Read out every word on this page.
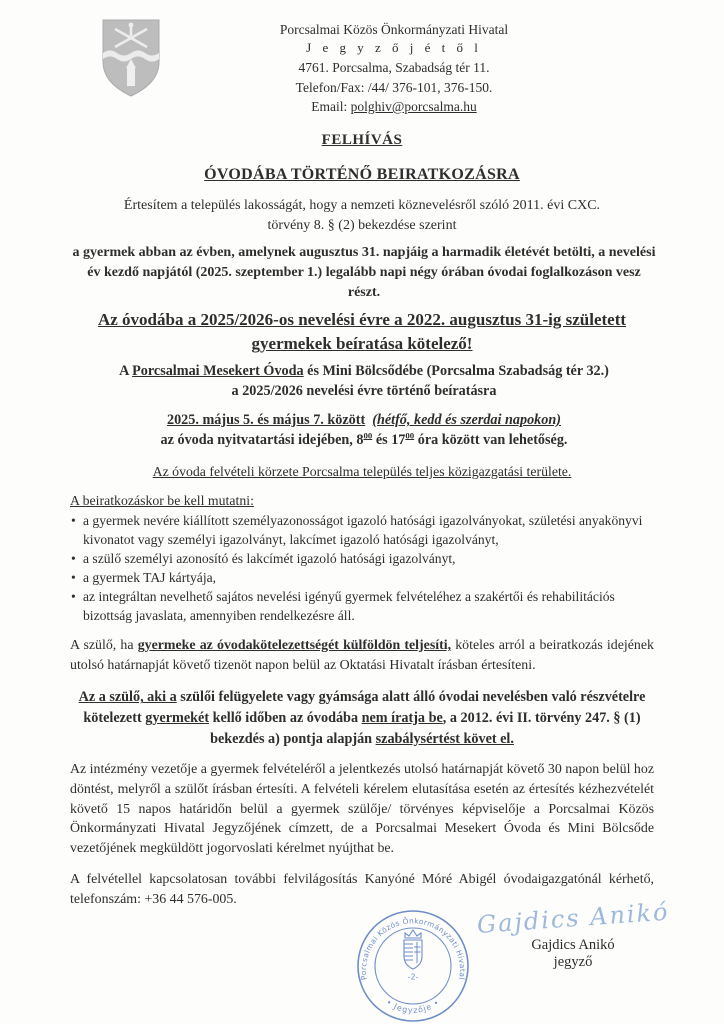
Porcsalmai Közös Önkormányzati Hivatal
J e g y z ő j é t ő l
4761. Porcsalma, Szabadság tér 11.
Telefon/Fax: /44/ 376-101, 376-150.
Email: polghiv@porcsalma.hu
FELHÍVÁS
ÓVODÁBA TÖRTÉNŐ BEIRATKOZÁSRA
Értesítem a település lakosságát, hogy a nemzeti köznevelésről szóló 2011. évi CXC. törvény 8. § (2) bekezdése szerint
a gyermek abban az évben, amelynek augusztus 31. napjáig a harmadik életévét betölti, a nevelési év kezdő napjától (2025. szeptember 1.) legalább napi négy órában óvodai foglalkozáson vesz részt.
Az óvodába a 2025/2026-os nevelési évre a 2022. augusztus 31-ig született gyermekek beíratása kötelező!
A Porcsalmai Mesekert Óvoda és Mini Bölcsődébe (Porcsalma Szabadság tér 32.)
a 2025/2026 nevelési évre történő beíratásra
2025. május 5. és május 7. között (hétfő, kedd és szerdai napokon)
az óvoda nyitvatartási idejében, $8^{00}$ és $17^{00}$ óra között van lehetőség.
Az óvoda felvételi körzete Porcsalma település teljes közigazgatási területe.
A beiratkozáskor be kell mutatni:
• a gyermek nevére kiállított személyazonosságot igazoló hatósági igazolványokat, születési anyakönyvi kivonatot vagy személyi igazolványt, lakcímet igazoló hatósági igazolványt,
• a szülő személyi azonosító és lakcímét igazoló hatósági igazolványt,
• a gyermek TAJ kártyája,
• az integráltan nevelhető sajátos nevelési igényű gyermek felvételéhez a szakértői és rehabilitációs bizottság javaslata, amennyiben rendelkezésre áll.
A szülő, ha gyermeke az óvodakötelezettségét külföldön teljesíti, köteles arról a beiratkozás idejének utolsó határnapját követő tizenöt napon belül az Oktatási Hivatalt írásban értesíteni.
Az a szülő, aki a szülői felügyelete vagy gyámsága alatt álló óvodai nevelésben való részvételre kötelezett gyermekét kellő időben az óvodába nem íratja be, a 2012. évi II. törvény 247. § (1) bekezdés a) pontja alapján szabálysértést követ el.
Az intézmény vezetője a gyermek felvételéről a jelentkezés utolsó határnapját követő 30 napon belül hoz döntést, melyről a szülőt írásban értesíti. A felvételi kérelem elutasítása esetén az értesítés kézhezvételét követő 15 napos határidőn belül a gyermek szülője/ törvényes képviselője a Porcsalmai Közös Önkormányzati Hivatal Jegyzőjének címzett, de a Porcsalmai Mesekert Óvoda és Mini Bölcsőde vezetőjének megküldött jogorvoslati kérelmet nyújthat be.
A felvétellel kapcsolatosan további felvilágosítás Kanyóné Móré Abigél óvodaigazgatónál kérhető, telefonszám: +36 44 576-005.
Porcsalmai Közös Önkormányzati Hivatal
• Jegyzője •
-2-
Gajdics Anikó
Gajdics Anikó
jegyző
